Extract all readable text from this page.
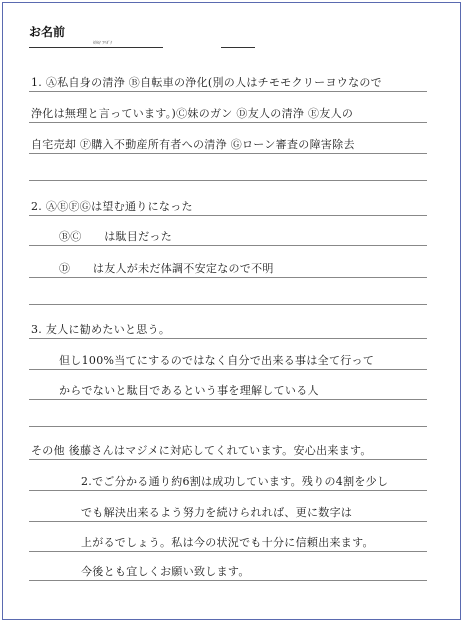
お名前
ｶﾀｶﾅ ﾌﾘｶﾞﾅ
1. Ⓐ私自身の清浄 Ⓑ自転車の浄化(別の人はチモモクリーヨウなので
浄化は無理と言っています。)Ⓒ妹のガン Ⓓ友人の清浄 Ⓔ友人の
自宅売却 Ⓕ購入不動産所有者への清浄 Ⓖローン審査の障害除去
2. ⒶⒺⒻⒼは望む通りになった
ⒷⒸ　　は駄目だった
Ⓓ　　は友人が未だ体調不安定なので不明
3. 友人に勧めたいと思う。
但し100%当てにするのではなく自分で出来る事は全て行って
からでないと駄目であるという事を理解している人
その他 後藤さんはマジメに対応してくれています。安心出来ます。
2.でご分かる通り約6割は成功しています。残りの4割を少し
でも解決出来るよう努力を続けられれば、更に数字は
上がるでしょう。私は今の状況でも十分に信頼出来ます。
今後とも宜しくお願い致します。
